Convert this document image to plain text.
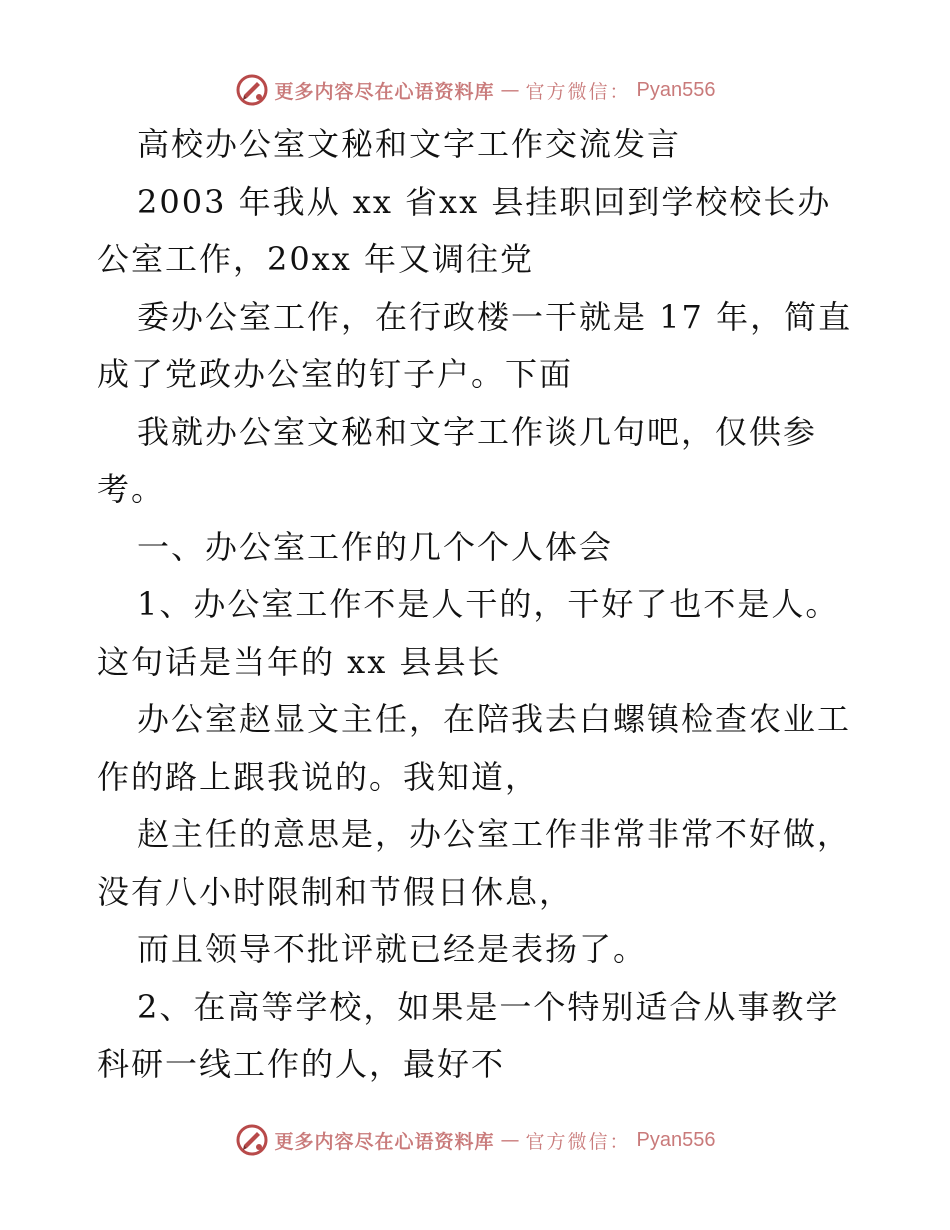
更多内容尽在心语资料库 — 官方微信： Pyan556
高校办公室文秘和文字工作交流发言
2003 年我从 xx 省xx 县挂职回到学校校长办
公室工作，20xx 年又调往党
委办公室工作，在行政楼一干就是 17 年，简直
成了党政办公室的钉子户。下面
我就办公室文秘和文字工作谈几句吧，仅供参
考。
一、办公室工作的几个个人体会
1、办公室工作不是人干的，干好了也不是人。
这句话是当年的 xx 县县长
办公室赵显文主任，在陪我去白螺镇检查农业工
作的路上跟我说的。我知道，
赵主任的意思是，办公室工作非常非常不好做，
没有八小时限制和节假日休息，
而且领导不批评就已经是表扬了。
2、在高等学校，如果是一个特别适合从事教学
科研一线工作的人，最好不
更多内容尽在心语资料库 — 官方微信： Pyan556
